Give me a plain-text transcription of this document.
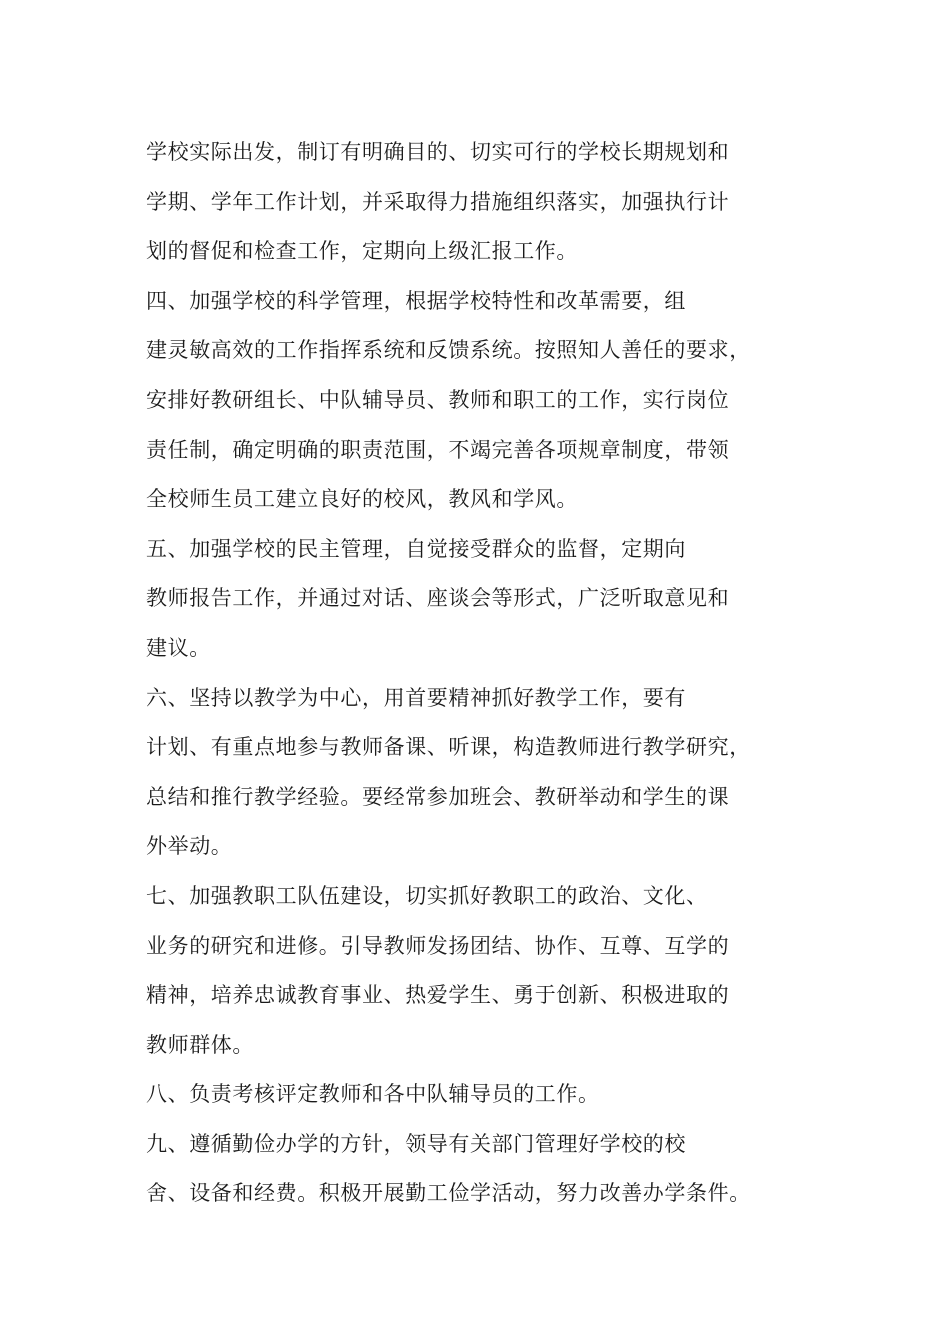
学校实际出发，制订有明确目的、切实可行的学校长期规划和
学期、学年工作计划，并采取得力措施组织落实，加强执行计
划的督促和检查工作，定期向上级汇报工作。
四、加强学校的科学管理，根据学校特性和改革需要，组
建灵敏高效的工作指挥系统和反馈系统。按照知人善任的要求，
安排好教研组长、中队辅导员、教师和职工的工作，实行岗位
责任制，确定明确的职责范围，不竭完善各项规章制度，带领
全校师生员工建立良好的校风，教风和学风。
五、加强学校的民主管理，自觉接受群众的监督，定期向
教师报告工作，并通过对话、座谈会等形式，广泛听取意见和
建议。
六、坚持以教学为中心，用首要精神抓好教学工作，要有
计划、有重点地参与教师备课、听课，构造教师进行教学研究，
总结和推行教学经验。要经常参加班会、教研举动和学生的课
外举动。
七、加强教职工队伍建设，切实抓好教职工的政治、文化、
业务的研究和进修。引导教师发扬团结、协作、互尊、互学的
精神，培养忠诚教育事业、热爱学生、勇于创新、积极进取的
教师群体。
八、负责考核评定教师和各中队辅导员的工作。
九、遵循勤俭办学的方针，领导有关部门管理好学校的校
舍、设备和经费。积极开展勤工俭学活动，努力改善办学条件。
